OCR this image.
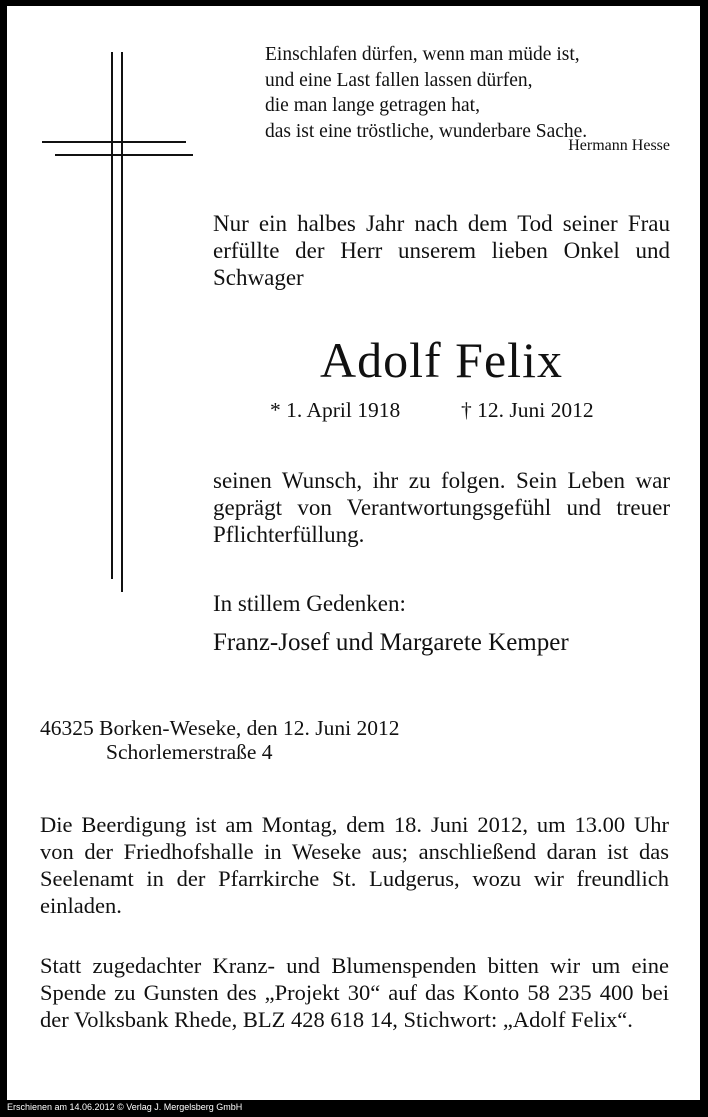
Einschlafen dürfen, wenn man müde ist,
und eine Last fallen lassen dürfen,
die man lange getragen hat,
das ist eine tröstliche, wunderbare Sache.
Hermann Hesse
Nur ein halbes Jahr nach dem Tod seiner Frau erfüllte der Herr unserem lieben Onkel und Schwager
Adolf Felix
* 1. April 1918	† 12. Juni 2012
seinen Wunsch, ihr zu folgen. Sein Leben war geprägt von Verantwortungsgefühl und treuer Pflichterfüllung.
In stillem Gedenken:
Franz-Josef und Margarete Kemper
46325 Borken-Weseke, den 12. Juni 2012
Schorlemerstraße 4
Die Beerdigung ist am Montag, dem 18. Juni 2012, um 13.00 Uhr von der Friedhofshalle in Weseke aus; anschließend daran ist das Seelenamt in der Pfarrkirche St. Ludgerus, wozu wir freundlich einladen.
Statt zugedachter Kranz- und Blumenspenden bitten wir um eine Spende zu Gunsten des „Projekt 30“ auf das Konto 58 235 400 bei der Volksbank Rhede, BLZ 428 618 14, Stichwort: „Adolf Felix“.
Erschienen am 14.06.2012 © Verlag J. Mergelsberg GmbH
